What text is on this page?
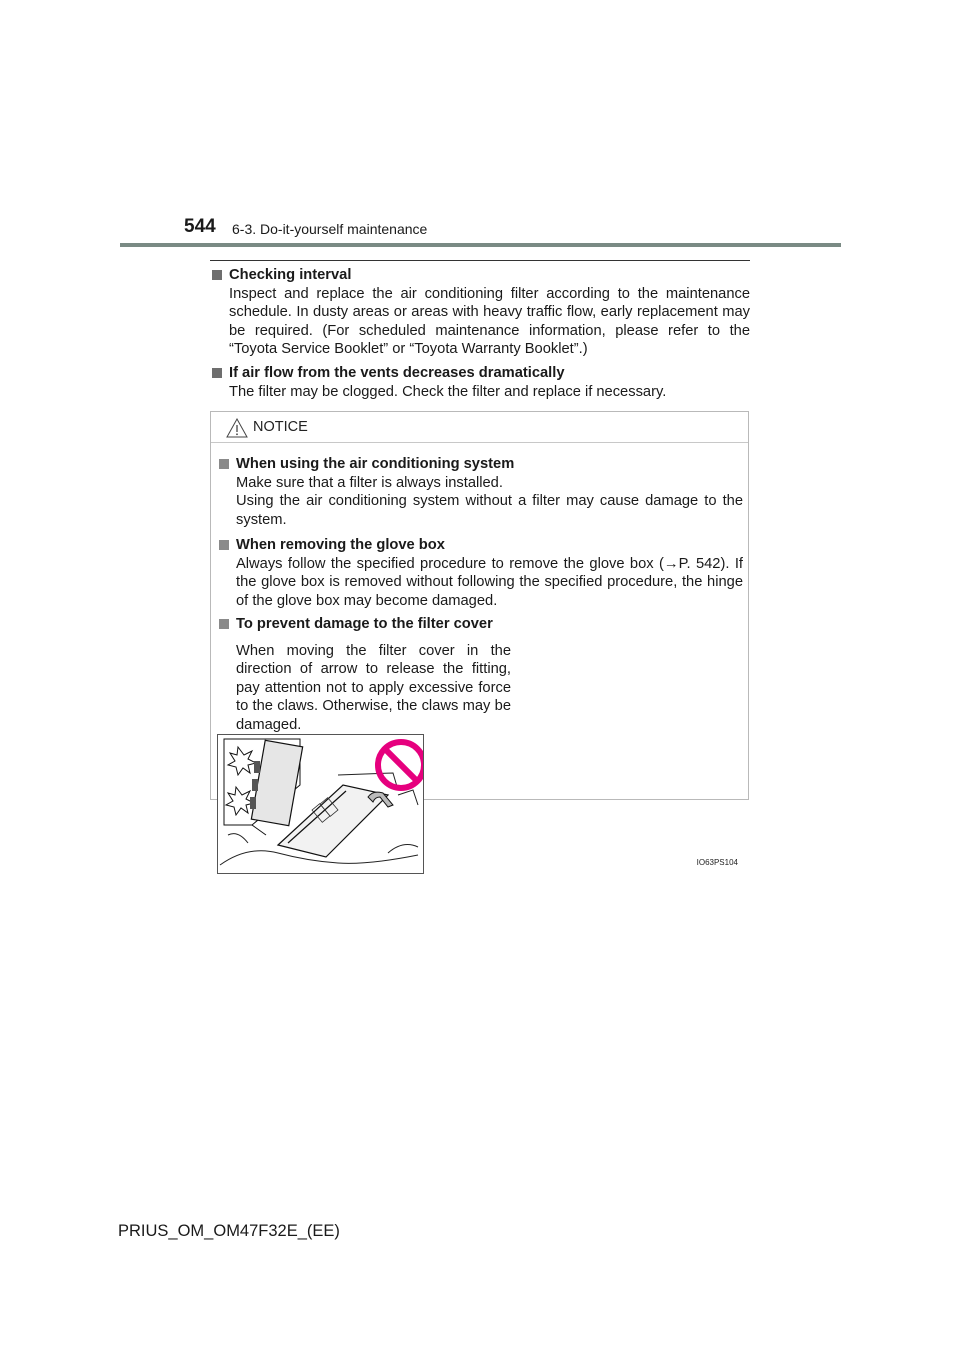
544 6-3. Do-it-yourself maintenance
Checking interval

Inspect and replace the air conditioning filter according to the maintenance schedule. In dusty areas or areas with heavy traffic flow, early replacement may be required. (For scheduled maintenance information, please refer to the “Toyota Service Booklet” or “Toyota Warranty Booklet”.)

If air flow from the vents decreases dramatically

The filter may be clogged. Check the filter and replace if necessary.

NOTICE
When using the air conditioning system

Make sure that a filter is always installed.

Using the air conditioning system without a filter may cause damage to the system.

When removing the glove box

Always follow the specified procedure to remove the glove box (→P. 542). If the glove box is removed without following the specified procedure, the hinge of the glove box may become damaged.

To prevent damage to the filter cover

When moving the filter cover in the direction of arrow to release the fitting, pay attention not to apply excessive force to the claws. Otherwise, the claws may be damaged.

IO63PS104
PRIUS_OM_OM47F32E_(EE)
